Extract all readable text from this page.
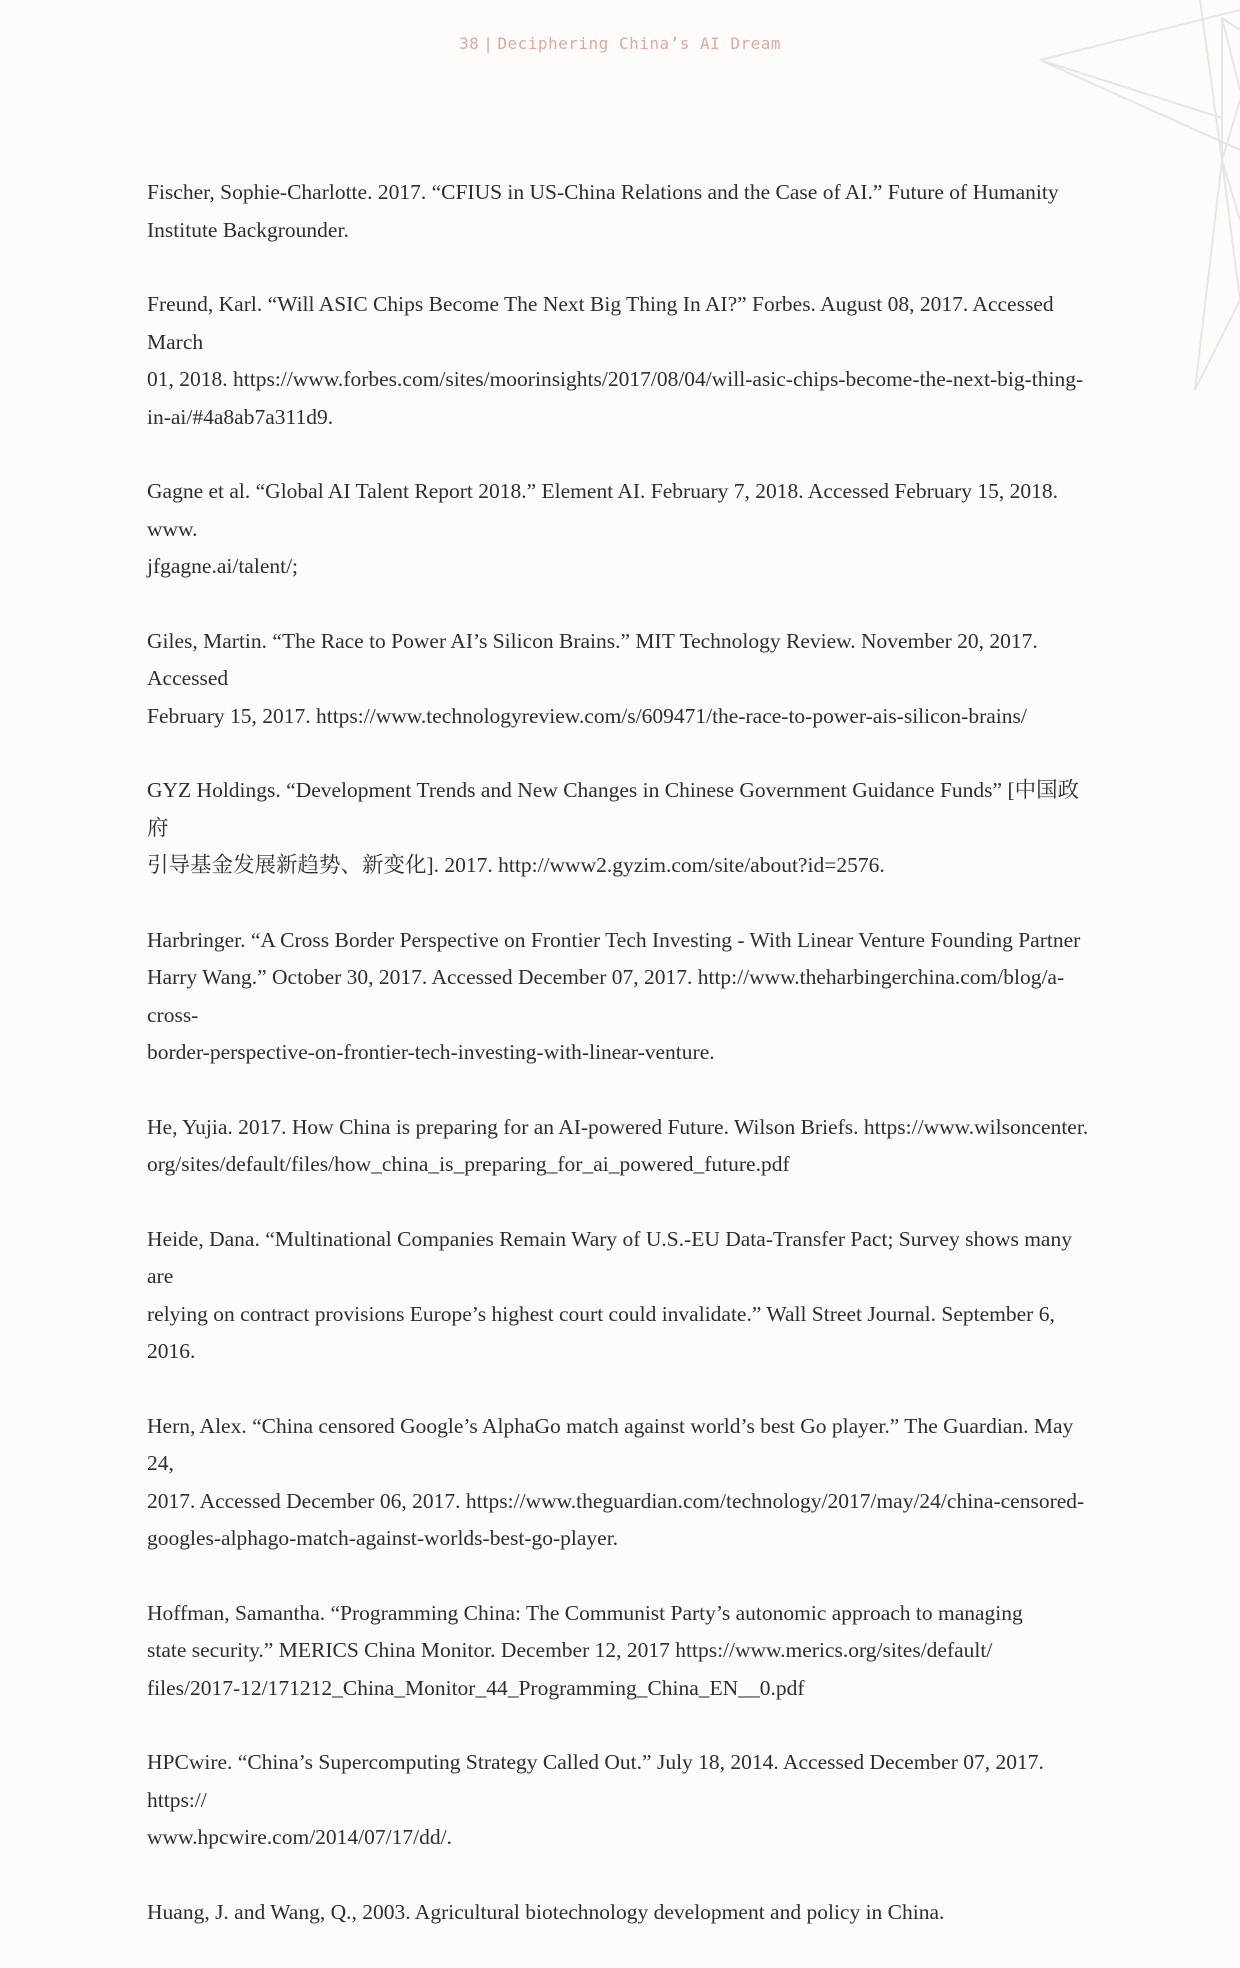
38 | Deciphering China’s AI Dream
Fischer, Sophie-Charlotte. 2017. “CFIUS in US-China Relations and the Case of AI.” Future of Humanity
Institute Backgrounder.
Freund, Karl. “Will ASIC Chips Become The Next Big Thing In AI?” Forbes. August 08, 2017. Accessed March
01, 2018. https://www.forbes.com/sites/moorinsights/2017/08/04/will-asic-chips-become-the-next-big-thing-
in-ai/#4a8ab7a311d9.
Gagne et al. “Global AI Talent Report 2018.” Element AI. February 7, 2018. Accessed February 15, 2018. www.
jfgagne.ai/talent/;
Giles, Martin. “The Race to Power AI’s Silicon Brains.” MIT Technology Review. November 20, 2017. Accessed
February 15, 2017. https://www.technologyreview.com/s/609471/the-race-to-power-ais-silicon-brains/
GYZ Holdings. “Development Trends and New Changes in Chinese Government Guidance Funds” [中国政府
引导基金发展新趋势、新变化]. 2017. http://www2.gyzim.com/site/about?id=2576.
Harbringer. “A Cross Border Perspective on Frontier Tech Investing - With Linear Venture Founding Partner
Harry Wang.” October 30, 2017. Accessed December 07, 2017. http://www.theharbingerchina.com/blog/a-cross-
border-perspective-on-frontier-tech-investing-with-linear-venture.
He, Yujia. 2017. How China is preparing for an AI-powered Future. Wilson Briefs. https://www.wilsoncenter.
org/sites/default/files/how_china_is_preparing_for_ai_powered_future.pdf
Heide, Dana. “Multinational Companies Remain Wary of U.S.-EU Data-Transfer Pact; Survey shows many are
relying on contract provisions Europe’s highest court could invalidate.” Wall Street Journal. September 6, 2016.
Hern, Alex. “China censored Google’s AlphaGo match against world’s best Go player.” The Guardian. May 24,
2017. Accessed December 06, 2017. https://www.theguardian.com/technology/2017/may/24/china-censored-
googles-alphago-match-against-worlds-best-go-player.
Hoffman, Samantha. “Programming China: The Communist Party’s autonomic approach to managing
state security.” MERICS China Monitor. December 12, 2017 https://www.merics.org/sites/default/
files/2017-12/171212_China_Monitor_44_Programming_China_EN__0.pdf
HPCwire. “China’s Supercomputing Strategy Called Out.” July 18, 2014. Accessed December 07, 2017. https://
www.hpcwire.com/2014/07/17/dd/.
Huang, J. and Wang, Q., 2003. Agricultural biotechnology development and policy in China.
